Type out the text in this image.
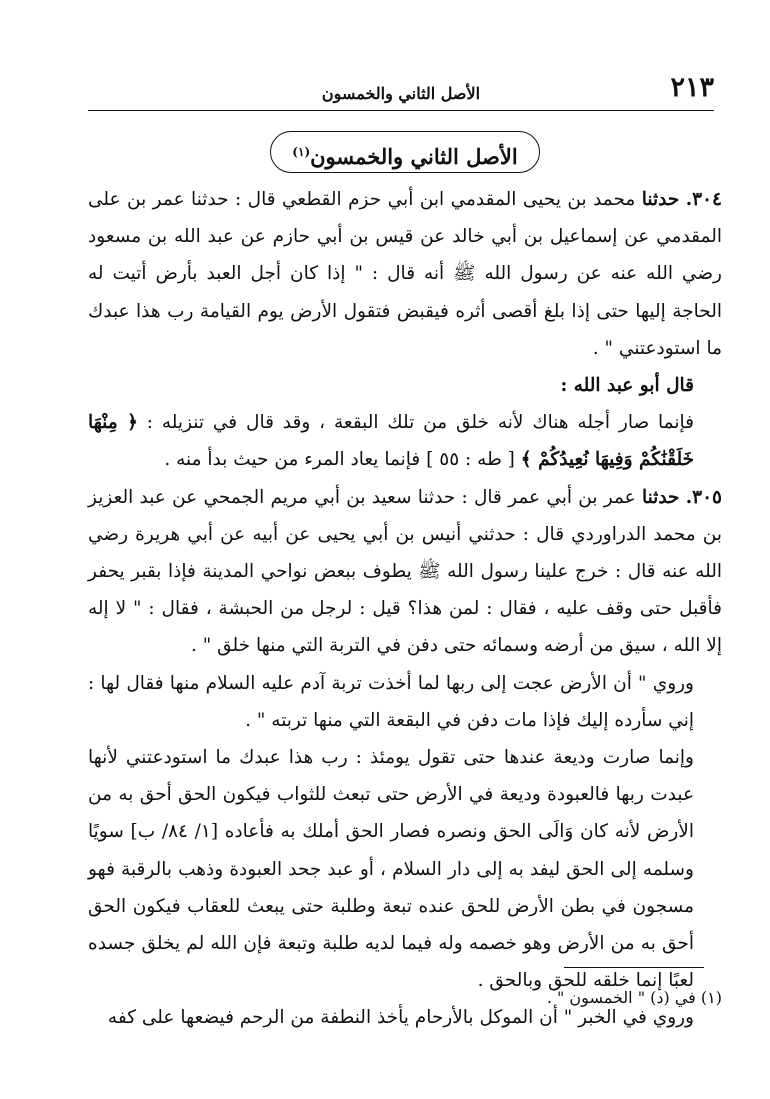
٢١٣
الأصل الثاني والخمسون
الأصل الثاني والخمسون$^{(١)}$

٣٠٤. حدثنا محمد بن يحيى المقدمي ابن أبي حزم القطعي قال : حدثنا عمر بن على المقدمي عن إسماعيل بن أبي خالد عن قيس بن أبي حازم عن عبد الله بن مسعود رضي الله عنه عن رسول الله ﷺ أنه قال : " إذا كان أجل العبد بأرض أتيت له الحاجة إليها حتى إذا بلغ أقصى أثره فيقبض فتقول الأرض يوم القيامة رب هذا عبدك ما استودعتني " .

قال أبو عبد الله :

فإنما صار أجله هناك لأنه خلق من تلك البقعة ، وقد قال في تنزيله : ﴿ مِنْهَا خَلَقْنَٰكُمْ وَفِيهَا نُعِيدُكُمْ ﴾ [ طه : ٥٥ ] فإنما يعاد المرء من حيث بدأ منه .

٣٠٥. حدثنا عمر بن أبي عمر قال : حدثنا سعيد بن أبي مريم الجمحي عن عبد العزيز بن محمد الدراوردي قال : حدثني أنيس بن أبي يحيى عن أبيه عن أبي هريرة رضي الله عنه قال : خرج علينا رسول الله ﷺ يطوف ببعض نواحي المدينة فإذا بقبر يحفر فأقبل حتى وقف عليه ، فقال : لمن هذا؟ قيل : لرجل من الحبشة ، فقال : " لا إله إلا الله ، سيق من أرضه وسمائه حتى دفن في التربة التي منها خلق " .

وروي " أن الأرض عجت إلى ربها لما أخذت تربة آدم عليه السلام منها فقال لها : إني سأرده إليك فإذا مات دفن في البقعة التي منها تربته " .

وإنما صارت وديعة عندها حتى تقول يومئذ : رب هذا عبدك ما استودعتني لأنها عبدت ربها فالعبودة وديعة في الأرض حتى تبعث للثواب فيكون الحق أحق به من الأرض لأنه كان وَالَى الحق ونصره فصار الحق أملك به فأعاده [١/ ٨٤/ ب] سويًا وسلمه إلى الحق ليفد به إلى دار السلام ، أو عبد جحد العبودة وذهب بالرقبة فهو مسجون في بطن الأرض للحق عنده تبعة وطلبة حتى يبعث للعقاب فيكون الحق أحق به من الأرض وهو خصمه وله فيما لديه طلبة وتبعة فإن الله لم يخلق جسده لعبًا إنما خلقه للحق وبالحق .

وروي في الخبر " أن الموكل بالأرحام يأخذ النطفة من الرحم فيضعها على كفه

(١) في (د) " الخمسون " .
